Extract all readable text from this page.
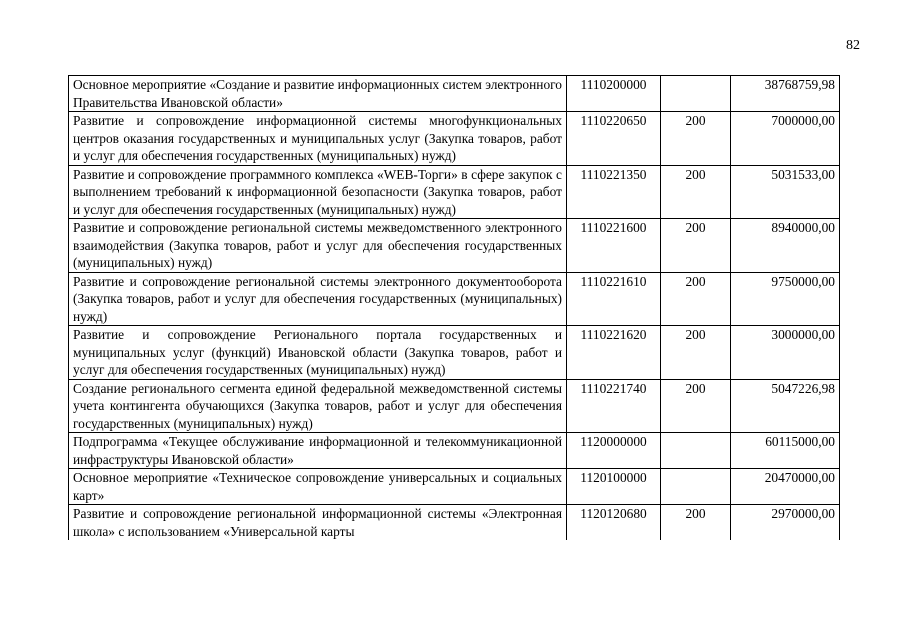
82
Основное мероприятие «Создание и развитие информационных систем электронного Правительства Ивановской области»	1110200000		38768759,98
Развитие и сопровождение информационной системы многофункциональных центров оказания государственных и муниципальных услуг (Закупка товаров, работ и услуг для обеспечения государственных (муниципальных) нужд)	1110220650	200	7000000,00
Развитие и сопровождение программного комплекса «WEB-Торги» в сфере закупок с выполнением требований к информационной безопасности (Закупка товаров, работ и услуг для обеспечения государственных (муниципальных) нужд)	1110221350	200	5031533,00
Развитие и сопровождение региональной системы межведомственного электронного взаимодействия (Закупка товаров, работ и услуг для обеспечения государственных (муниципальных) нужд)	1110221600	200	8940000,00
Развитие и сопровождение региональной системы электронного документооборота (Закупка товаров, работ и услуг для обеспечения государственных (муниципальных) нужд)	1110221610	200	9750000,00
Развитие и сопровождение Регионального портала государственных и муниципальных услуг (функций) Ивановской области (Закупка товаров, работ и услуг для обеспечения государственных (муниципальных) нужд)	1110221620	200	3000000,00
Создание регионального сегмента единой федеральной межведомственной системы учета контингента обучающихся (Закупка товаров, работ и услуг для обеспечения государственных (муниципальных) нужд)	1110221740	200	5047226,98
Подпрограмма «Текущее обслуживание информационной и телекоммуникационной инфраструктуры Ивановской области»	1120000000		60115000,00
Основное мероприятие «Техническое сопровождение универсальных и социальных карт»	1120100000		20470000,00
Развитие и сопровождение региональной информационной системы «Электронная школа» с использованием «Универсальной карты	1120120680	200	2970000,00
